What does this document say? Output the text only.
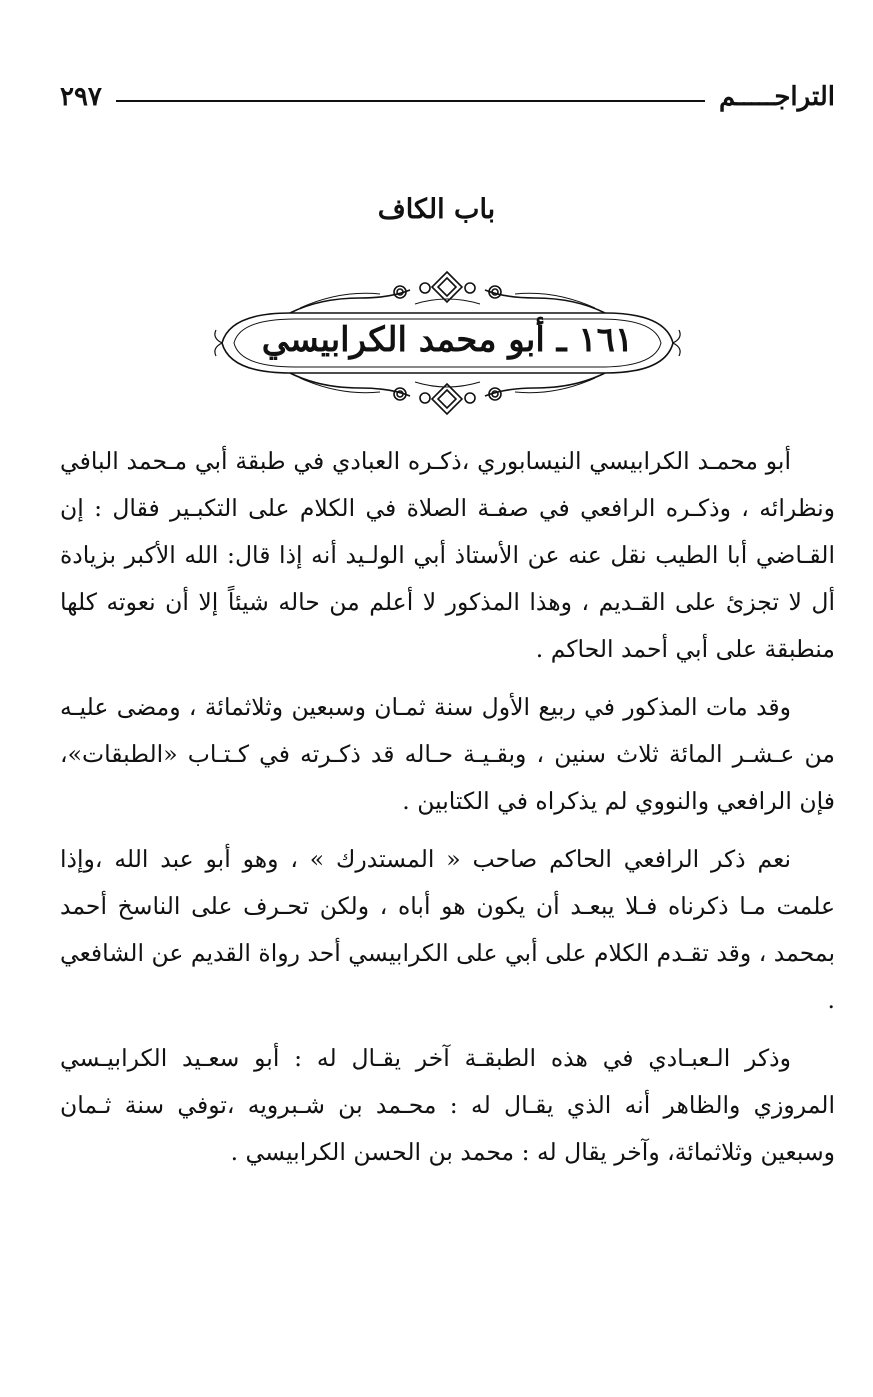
التراجـــــم
٢٩٧
باب الكاف
١٦١ ـ أبو محمد الكرابيسي

أبو محمـد الكرابيسي النيسابوري ،ذكـره العبادي في طبقة أبي مـحمد البافي ونظرائه ، وذكـره الرافعي في صفـة الصلاة في الكلام على التكبـير فقال : إن القـاضي أبا الطيب نقل عنه عن الأستاذ أبي الولـيد أنه إذا قال: الله الأكبر بزيادة أل لا تجزئ على القـديم ، وهذا المذكور لا أعلم من حاله شيئاً إلا أن نعوته كلها منطبقة على أبي أحمد الحاكم .

وقد مات المذكور في ربيع الأول سنة ثمـان وسبعين وثلاثمائة ، ومضى عليـه من عـشـر المائة ثلاث سنين ، وبقـيـة حـاله قد ذكـرته في كـتـاب «الطبقات»، فإن الرافعي والنووي لم يذكراه في الكتابين .

نعم ذكر الرافعي الحاكم صاحب « المستدرك » ، وهو أبو عبد الله ،وإذا علمت مـا ذكرناه فـلا يبعـد أن يكون هو أباه ، ولكن تحـرف على الناسخ أحمد بمحمد ، وقد تقـدم الكلام على أبي على الكرابيسي أحد رواة القديم عن الشافعي .

وذكر الـعبـادي في هذه الطبقـة آخر يقـال له : أبو سعـيد الكرابيـسي المروزي والظاهر أنه الذي يقـال له : محـمد بن شـبرويه ،توفي سنة ثـمان وسبعين وثلاثمائة، وآخر يقال له : محمد بن الحسن الكرابيسي .
